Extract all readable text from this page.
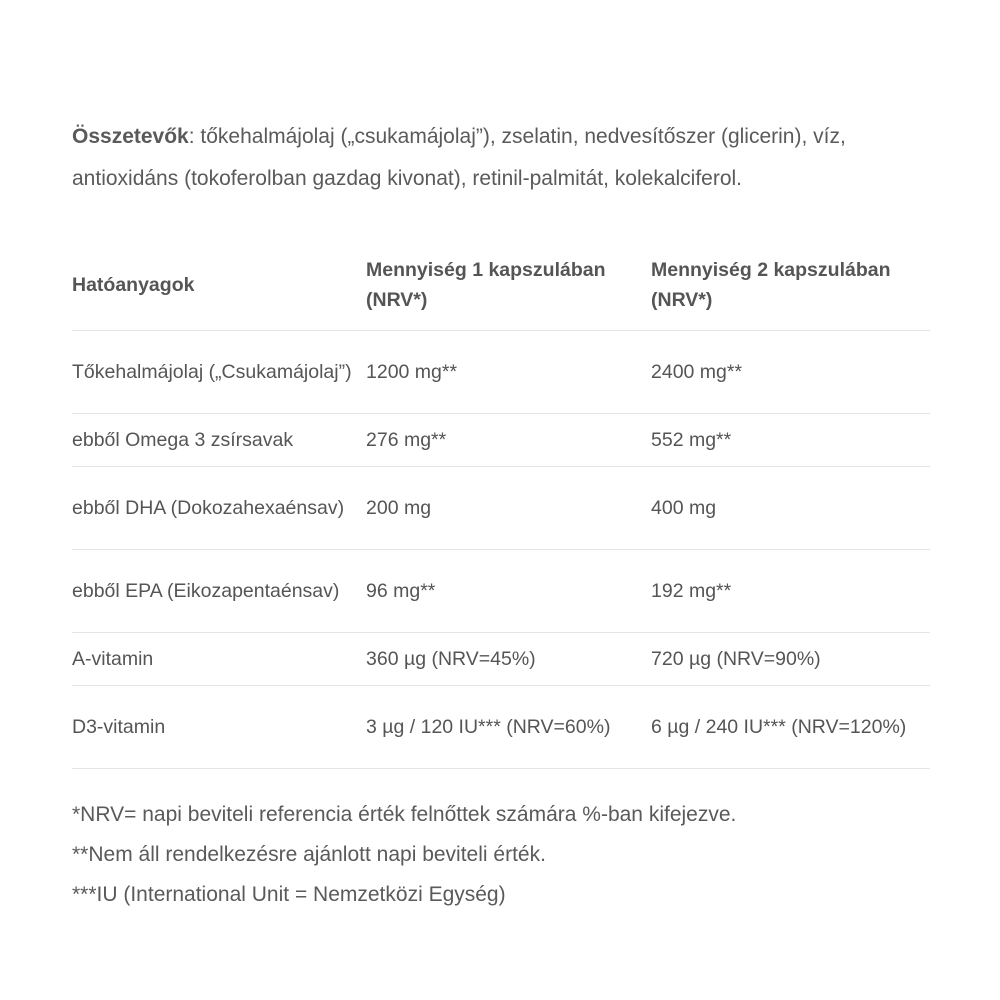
Összetevők: tőkehalmájolaj („csukamájolaj”), zselatin, nedvesítőszer (glicerin), víz, antioxidáns (tokoferolban gazdag kivonat), retinil-palmitát, kolekalciferol.

Hatóanyagok	Mennyiség 1 kapszulában (NRV*)	Mennyiség 2 kapszulában (NRV*)
Tőkehalmájolaj („Csukamájolaj”)	1200 mg**	2400 mg**
ebből Omega 3 zsírsavak	276 mg**	552 mg**
ebből DHA (Dokozahexaénsav)	200 mg	400 mg
ebből EPA (Eikozapentaénsav)	96 mg**	192 mg**
A-vitamin	360 µg (NRV=45%)	720 µg (NRV=90%)
D3-vitamin	3 µg / 120 IU*** (NRV=60%)	6 µg / 240 IU*** (NRV=120%)

*NRV= napi beviteli referencia érték felnőttek számára %-ban kifejezve.

**Nem áll rendelkezésre ajánlott napi beviteli érték.

***IU (International Unit = Nemzetközi Egység)
